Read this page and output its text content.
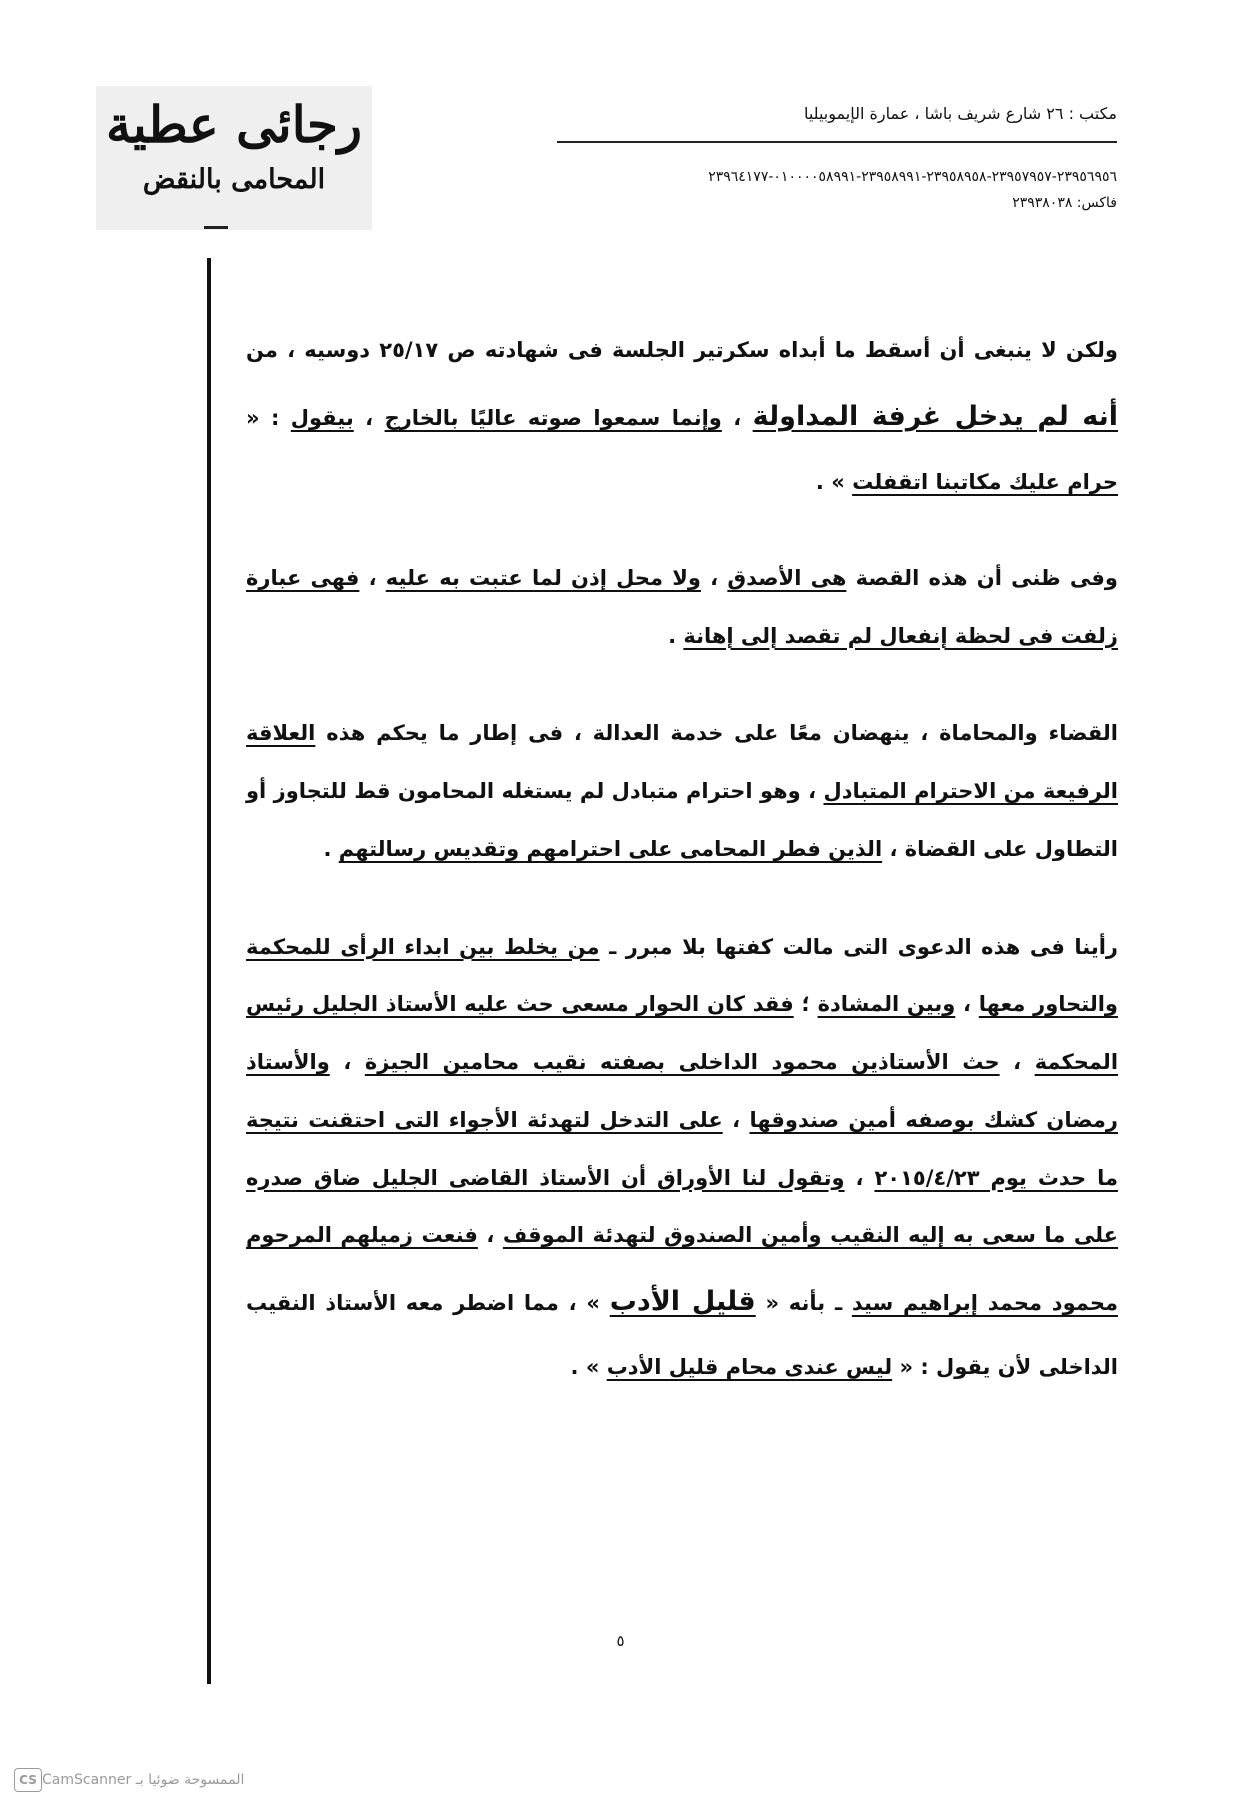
رجائى عطية
المحامى بالنقض
مكتب : ٢٦ شارع شريف باشا ، عمارة الإيموبيليا
٢٣٩٥٦٩٥٦-٢٣٩٥٧٩٥٧-٢٣٩٥٨٩٥٨-٢٣٩٥٨٩٩١-٠١٠٠٠٠٥٨٩٩١-٢٣٩٦٤١٧٧
فاكس: ٢٣٩٣٨٠٣٨

ولكن لا ينبغى أن أسقط ما أبداه سكرتير الجلسة فى شهادته ص ٢٥/١٧ دوسيه ، من أنه لم يدخل غرفة المداولة ، وإنما سمعوا صوته عاليًا بالخارج ، بيقول : « حرام عليك مكاتبنا اتقفلت » .

وفى ظنى أن هذه القصة هى الأصدق ، ولا محل إذن لما عتبت به عليه ، فهى عبارة زلفت فى لحظة إنفعال لم تقصد إلى إهانة .

القضاء والمحاماة ، ينهضان معًا على خدمة العدالة ، فى إطار ما يحكم هذه العلاقة الرفيعة من الاحترام المتبادل ، وهو احترام متبادل لم يستغله المحامون قط للتجاوز أو التطاول على القضاة ، الذين فطر المحامى على احترامهم وتقديس رسالتهم .

رأينا فى هذه الدعوى التى مالت كفتها بلا مبرر ـ من يخلط بين ابداء الرأى للمحكمة والتحاور معها ، وبين المشادة ؛ فقد كان الحوار مسعى حث عليه الأستاذ الجليل رئيس المحكمة ، حث الأستاذين محمود الداخلى بصفته نقيب محامين الجيزة ، والأستاذ رمضان كشك بوصفه أمين صندوقها ، على التدخل لتهدئة الأجواء التى احتقنت نتيجة ما حدث يوم ٢٠١٥/٤/٢٣ ، وتقول لنا الأوراق أن الأستاذ القاضى الجليل ضاق صدره على ما سعى به إليه النقيب وأمين الصندوق لتهدئة الموقف ، فنعت زميلهم المرحوم محمود محمد إبراهيم سيد ـ بأنه « قليل الأدب » ، مما اضطر معه الأستاذ النقيب الداخلى لأن يقول : « ليس عندى محام قليل الأدب » .

٥
الممسوحة ضوئيا بـ CamScanner
CS
